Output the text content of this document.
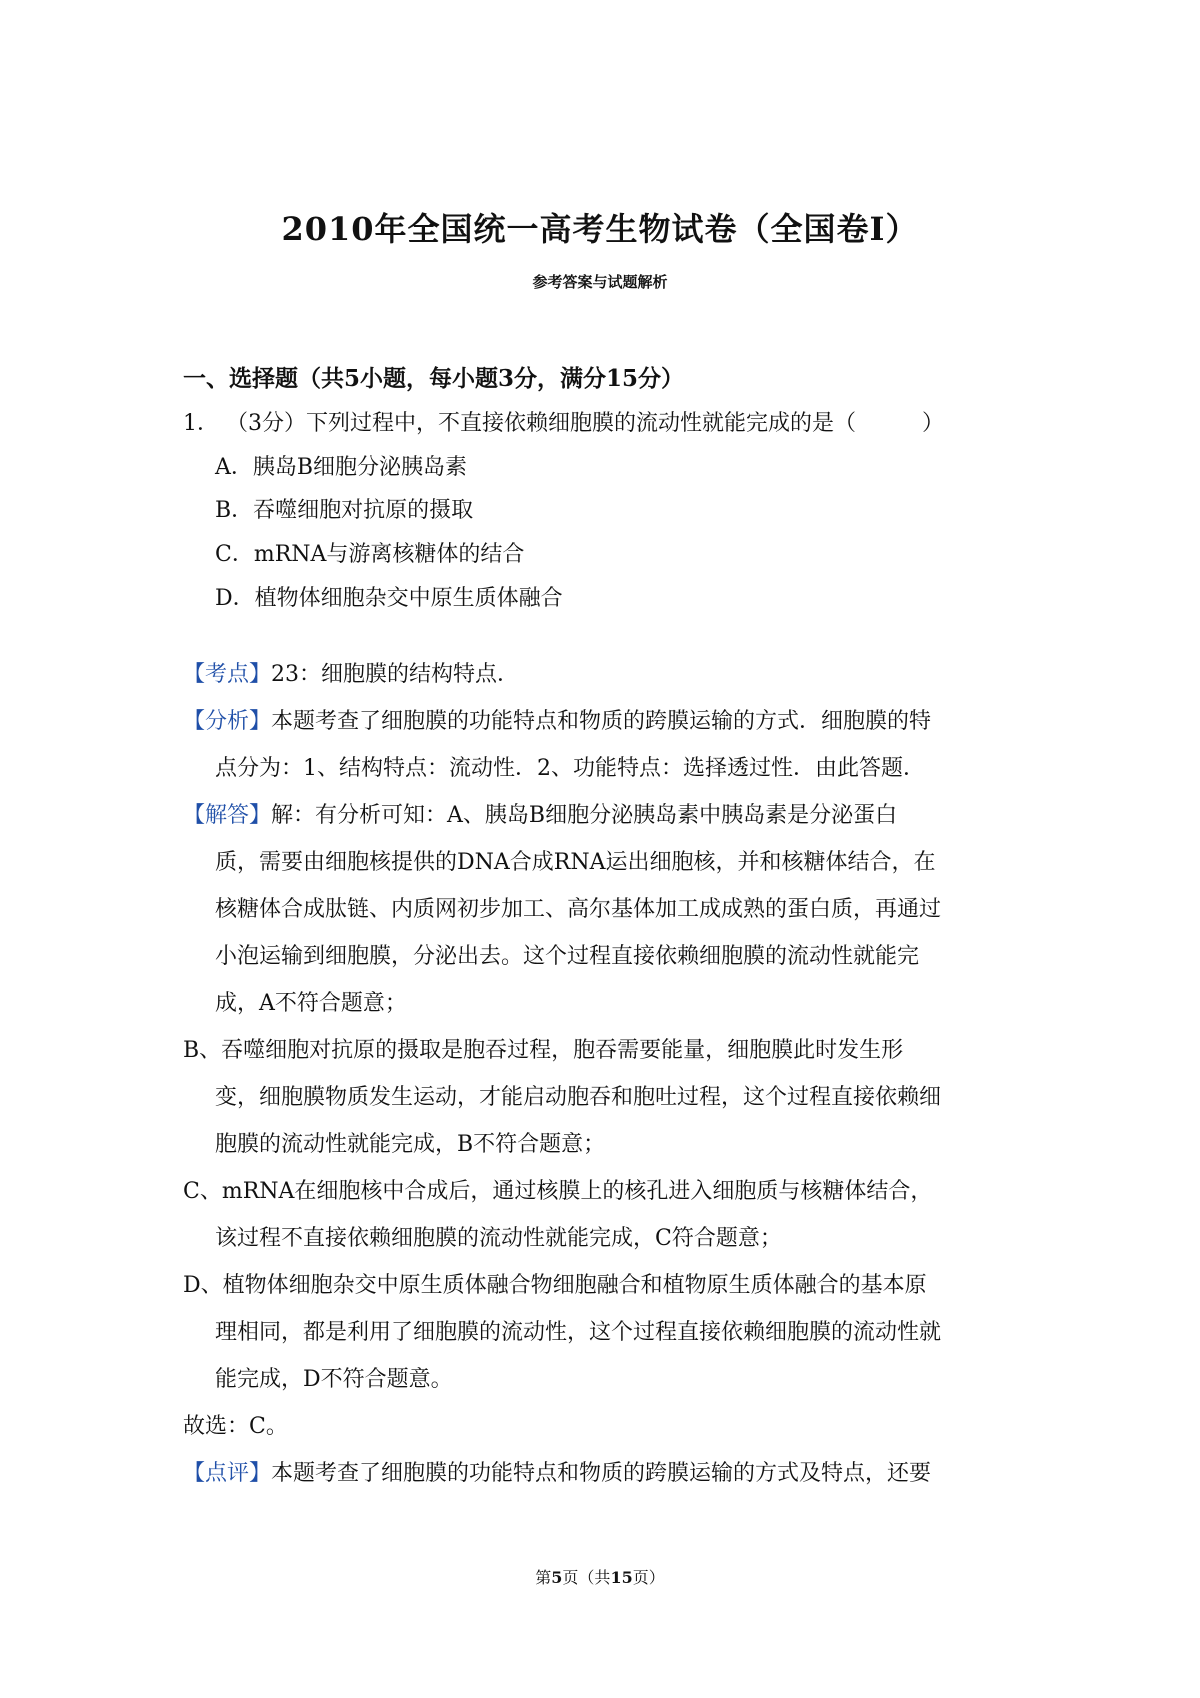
2010年全国统一高考生物试卷（全国卷I）
参考答案与试题解析
一、选择题（共5小题，每小题3分，满分15分）
1． （3分）下列过程中，不直接依赖细胞膜的流动性就能完成的是（	）
A．胰岛B细胞分泌胰岛素
B．吞噬细胞对抗原的摄取
C．mRNA与游离核糖体的结合
D．植物体细胞杂交中原生质体融合
【考点】23：细胞膜的结构特点．
【分析】本题考查了细胞膜的功能特点和物质的跨膜运输的方式．细胞膜的特
点分为：1、结构特点：流动性．2、功能特点：选择透过性．由此答题．
【解答】解：有分析可知：A、胰岛B细胞分泌胰岛素中胰岛素是分泌蛋白
质，需要由细胞核提供的DNA合成RNA运出细胞核，并和核糖体结合，在
核糖体合成肽链、内质网初步加工、高尔基体加工成成熟的蛋白质，再通过
小泡运输到细胞膜，分泌出去。这个过程直接依赖细胞膜的流动性就能完
成，A不符合题意；
B、吞噬细胞对抗原的摄取是胞吞过程，胞吞需要能量，细胞膜此时发生形
变，细胞膜物质发生运动，才能启动胞吞和胞吐过程，这个过程直接依赖细
胞膜的流动性就能完成，B不符合题意；
C、mRNA在细胞核中合成后，通过核膜上的核孔进入细胞质与核糖体结合，
该过程不直接依赖细胞膜的流动性就能完成，C符合题意；
D、植物体细胞杂交中原生质体融合物细胞融合和植物原生质体融合的基本原
理相同，都是利用了细胞膜的流动性，这个过程直接依赖细胞膜的流动性就
能完成，D不符合题意。
故选：C。
【点评】本题考查了细胞膜的功能特点和物质的跨膜运输的方式及特点，还要
第5页（共15页）
